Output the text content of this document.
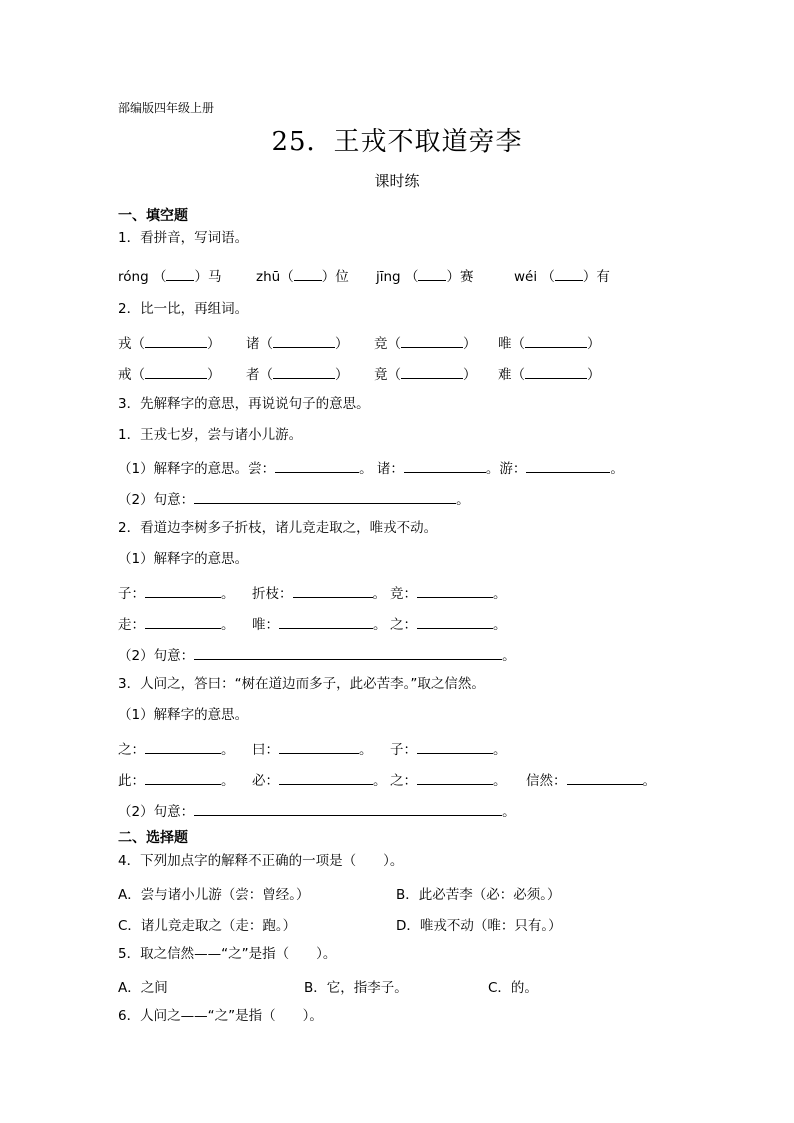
部编版四年级上册
25．王戎不取道旁李
课时练
一、填空题
1．看拼音，写词语。
róng （ ）马	zhū（ ）位 jīng （ ）赛	wéi （ ）有
2．比一比，再组词。
戎（	） 诸（	） 竞（	） 唯（	）
戒（	） 者（	） 竟（	） 难（	）
3．先解释字的意思，再说说句子的意思。
1．王戎七岁，尝与诸小儿游。
（1）解释字的意思。尝：	。 诸：	。游：	。
（2）句意：	。
2．看道边李树多子折枝，诸儿竞走取之，唯戎不动。
（1）解释字的意思。
子：	。 折枝：	。 竞：	。
走：	。 唯：	。 之：	。
（2）句意：	。
3．人问之，答曰：“树在道边而多子，此必苦李。”取之信然。
（1）解释字的意思。
之：	。 曰：	。 子：	。
此：	。 必：	。 之：	。 信然：	。
（2）句意：	。
二、选择题
4．下列加点字的解释不正确的一项是（　　）。
A．尝与诸小儿游（尝：曾经。）	B．此必苦李（必：必须。）
C．诸儿竞走取之（走：跑。）	D．唯戎不动（唯：只有。）
5．取之信然——“之”是指（　　）。
A．之间	B．它，指李子。	C．的。
6．人问之——“之”是指（　　）。
